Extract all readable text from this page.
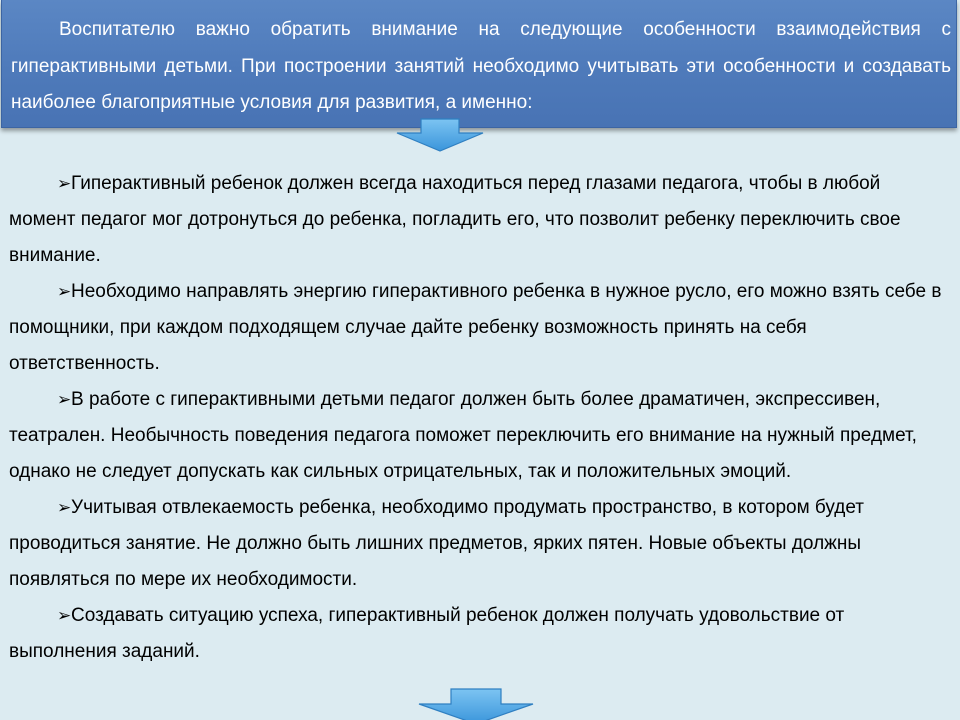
Воспитателю важно обратить внимание на следующие особенности взаимодействия с гиперактивными детьми. При построении занятий необходимо учитывать эти особенности и создавать наиболее благоприятные условия для развития, а именно:

➢Гиперактивный ребенок должен всегда находиться перед глазами педагога, чтобы в любой момент педагог мог дотронуться до ребенка, погладить его, что позволит ребенку переключить свое внимание.
➢Необходимо направлять энергию гиперактивного ребенка в нужное русло, его можно взять себе в помощники, при каждом подходящем случае дайте ребенку возможность принять на себя ответственность.
➢В работе с гиперактивными детьми педагог должен быть более драматичен, экспрессивен, театрален. Необычность поведения педагога поможет переключить его внимание на нужный предмет, однако не следует допускать как сильных отрицательных, так и положительных эмоций.
➢Учитывая отвлекаемость ребенка, необходимо продумать пространство, в котором будет проводиться занятие. Не должно быть лишних предметов, ярких пятен. Новые объекты должны появляться по мере их необходимости.
➢Создавать ситуацию успеха, гиперактивный ребенок должен получать удовольствие от выполнения заданий.
